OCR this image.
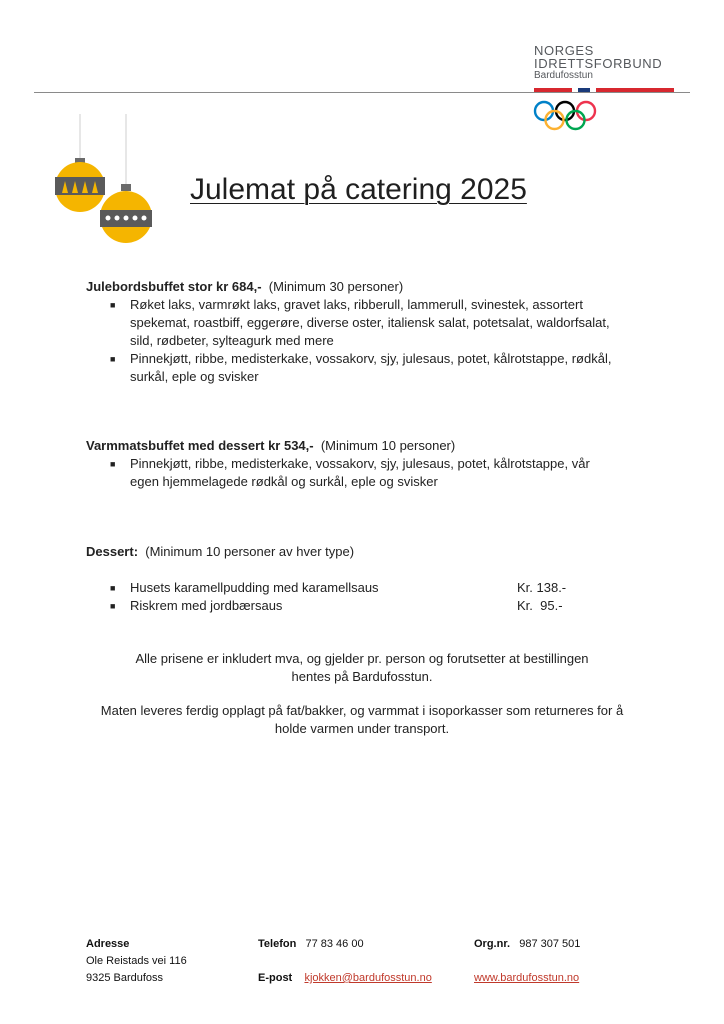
NORGES
IDRETTSFORBUND
Bardufosstun
Julemat på catering 2025
Julebordsbuffet stor kr 684,- (Minimum 30 personer)
■ Røket laks, varmrøkt laks, gravet laks, ribberull, lammerull, svinestek, assortert
spekemat, roastbiff, eggerøre, diverse oster, italiensk salat, potetsalat, waldorfsalat,
sild, rødbeter, sylteagurk med mere
■ Pinnekjøtt, ribbe, medisterkake, vossakorv, sjy, julesaus, potet, kålrotstappe, rødkål,
surkål, eple og svisker
Varmmatsbuffet med dessert kr 534,- (Minimum 10 personer)
■ Pinnekjøtt, ribbe, medisterkake, vossakorv, sjy, julesaus, potet, kålrotstappe, vår
egen hjemmelagede rødkål og surkål, eple og svisker
Dessert: (Minimum 10 personer av hver type)
■ Husets karamellpudding med karamellsaus	Kr. 138.-
■ Riskrem med jordbærsaus	Kr.  95.-
Alle prisene er inkludert mva, og gjelder pr. person og forutsetter at bestillingen
hentes på Bardufosstun.
Maten leveres ferdig opplagt på fat/bakker, og varmmat i isoporkasser som returneres for å
holde varmen under transport.
Adresse
Ole Reistads vei 116
9325 Bardufoss
Telefon 77 83 46 00

E-post kjokken@bardufosstun.no
Org.nr. 987 307 501

www.bardufosstun.no
